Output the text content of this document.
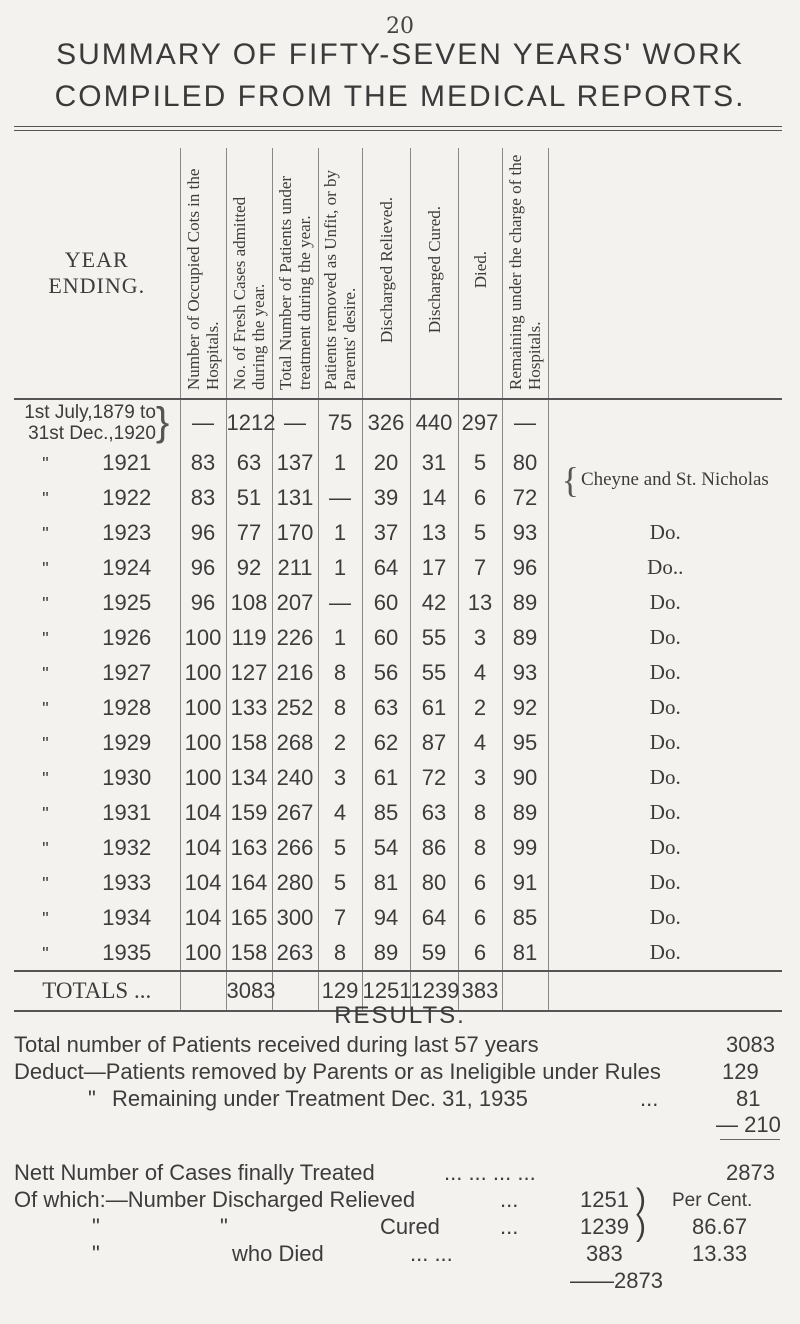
20
SUMMARY OF FIFTY-SEVEN YEARS' WORK
COMPILED FROM THE MEDICAL REPORTS.
YEAR ENDING.	Number of Occupied Cots in the Hospitals.	No. of Fresh Cases admitted during the year.	Total Number of Patients under treatment during the year.	Patients removed as Unfit, or by Parents' desire.	Discharged Relieved.	Discharged Cured.	Died.	Remaining under the charge of the Hospitals.	
1st July,1879 to
31st Dec.,1920}	—	1212	—	75	326	440	297	—	
" 1921	83	63	137	1	20	31	5	80	{ Cheyne and St. Nicholas

" 1922	83	51	131	—	39	14	6	72	
" 1923	96	77	170	1	37	13	5	93	Do.
" 1924	96	92	211	1	64	17	7	96	Do..
" 1925	96	108	207	—	60	42	13	89	Do.
" 1926	100	119	226	1	60	55	3	89	Do.
" 1927	100	127	216	8	56	55	4	93	Do.
" 1928	100	133	252	8	63	61	2	92	Do.
" 1929	100	158	268	2	62	87	4	95	Do.
" 1930	100	134	240	3	61	72	3	90	Do.
" 1931	104	159	267	4	85	63	8	89	Do.
" 1932	104	163	266	5	54	86	8	99	Do.
" 1933	104	164	280	5	81	80	6	91	Do.
" 1934	104	165	300	7	94	64	6	85	Do.
" 1935	100	158	263	8	89	59	6	81	Do.
TOTALS ...		3083		129	1251	1239	383		
RESULTS.
Total number of Patients received during last 57 years	3083
Deduct—Patients removed by Parents or as Ineligible under Rules	129
" Remaining under Treatment Dec. 31, 1935	...	81
— 210
Nett Number of Cases finally Treated	... ... ... ...	2873
Of which:—Number Discharged Relieved	...	1251 ) Per Cent.
"	"	Cured	...	1239 ) 86.67
"	who Died	... ...	383	13.33
——2873
